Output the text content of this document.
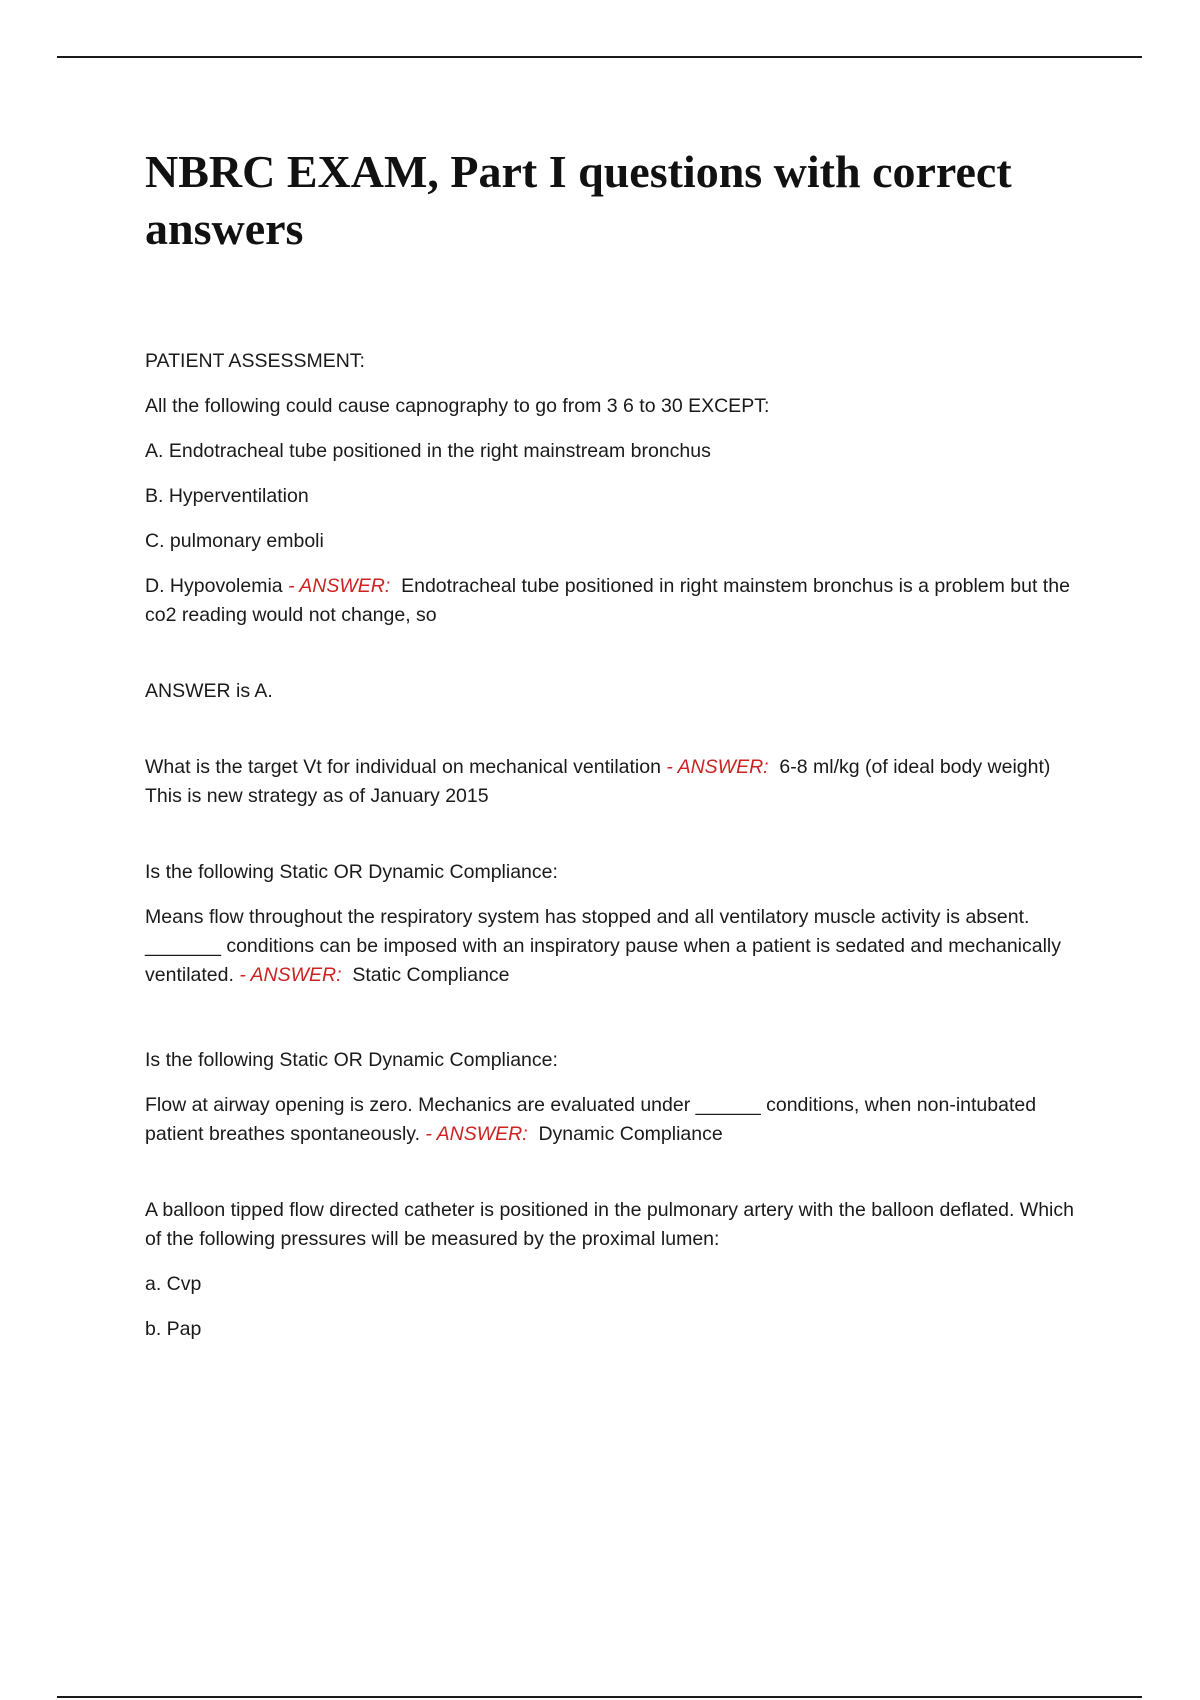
NBRC EXAM, Part I questions with correct answers

PATIENT ASSESSMENT:

All the following could cause capnography to go from 3 6 to 30 EXCEPT:

A. Endotracheal tube positioned in the right mainstream bronchus

B. Hyperventilation

C. pulmonary emboli

D. Hypovolemia - ANSWER: Endotracheal tube positioned in right mainstem bronchus is a problem but the co2 reading would not change, so

ANSWER is A.

What is the target Vt for individual on mechanical ventilation - ANSWER: 6-8 ml/kg (of ideal body weight) This is new strategy as of January 2015

Is the following Static OR Dynamic Compliance:

Means flow throughout the respiratory system has stopped and all ventilatory muscle activity is absent. _______ conditions can be imposed with an inspiratory pause when a patient is sedated and mechanically ventilated. - ANSWER: Static Compliance

Is the following Static OR Dynamic Compliance:

Flow at airway opening is zero. Mechanics are evaluated under ______ conditions, when non-intubated patient breathes spontaneously. - ANSWER: Dynamic Compliance

A balloon tipped flow directed catheter is positioned in the pulmonary artery with the balloon deflated. Which of the following pressures will be measured by the proximal lumen:

a. Cvp

b. Pap
